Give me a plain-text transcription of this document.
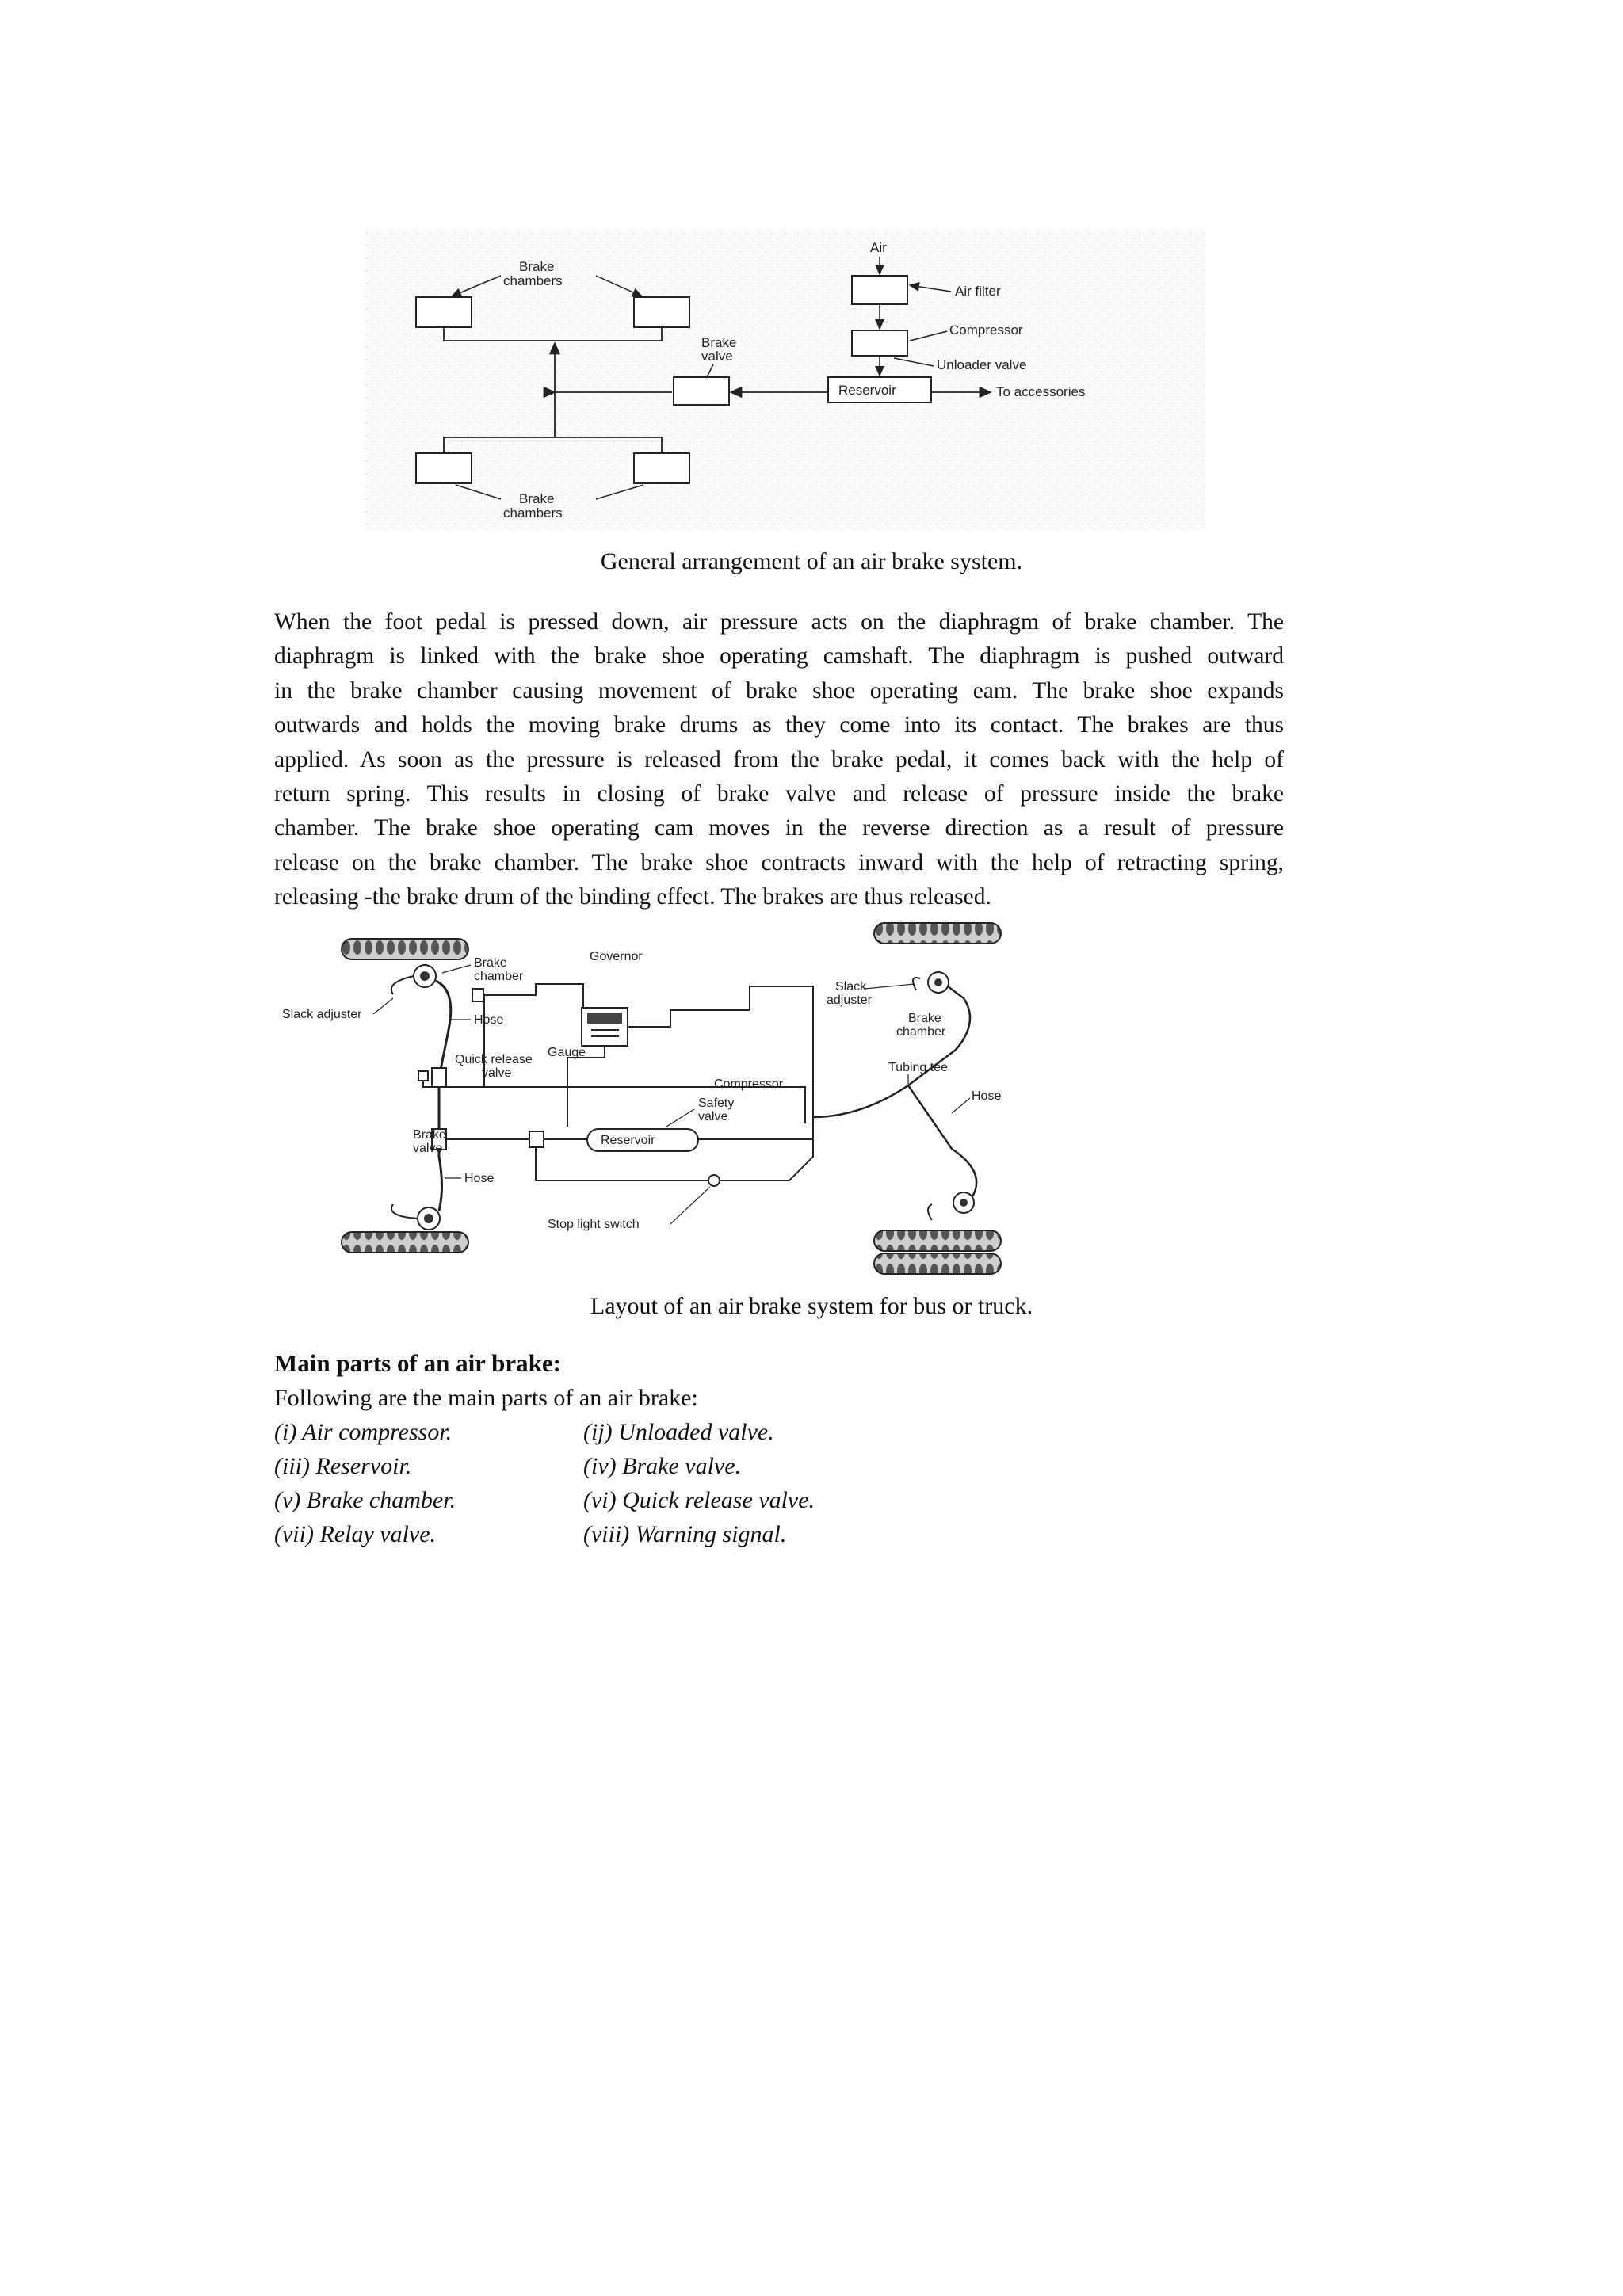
Brake
chambers
Brake
chambers
Brake
valve
Air
Reservoir	To accessories
Air filter
Compressor
Unloader valve
General arrangement of an air brake system.
When the foot pedal is pressed down, air pressure acts on the diaphragm of brake chamber. The
diaphragm is linked with the brake shoe operating camshaft. The diaphragm is pushed outward
in the brake chamber causing movement of brake shoe operating eam. The brake shoe expands
outwards and holds the moving brake drums as they come into its contact. The brakes are thus
applied. As soon as the pressure is released from the brake pedal, it comes back with the help of
return spring. This results in closing of brake valve and release of pressure inside the brake
chamber. The brake shoe operating cam moves in the reverse direction as a result of pressure
release on the brake chamber. The brake shoe contracts inward with the help of retracting spring,
releasing -the brake drum of the binding effect. The brakes are thus released.
Reservoir
Brake
chamber
Slack adjuster	Hose
Quick release
valve
Brake
valve
Hose
Governor
Gauge
Compressor
Safety
valve
Stop light switch
Slack
adjuster
Brake
chamber
Tubing tee
Hose
Layout of an air brake system for bus or truck.
Main parts of an air brake:
Following are the main parts of an air brake:
(i) Air compressor.	(ij) Unloaded valve.
(iii) Reservoir.	(iv) Brake valve.
(v) Brake chamber.	(vi) Quick release valve.
(vii) Relay valve.	(viii) Warning signal.
